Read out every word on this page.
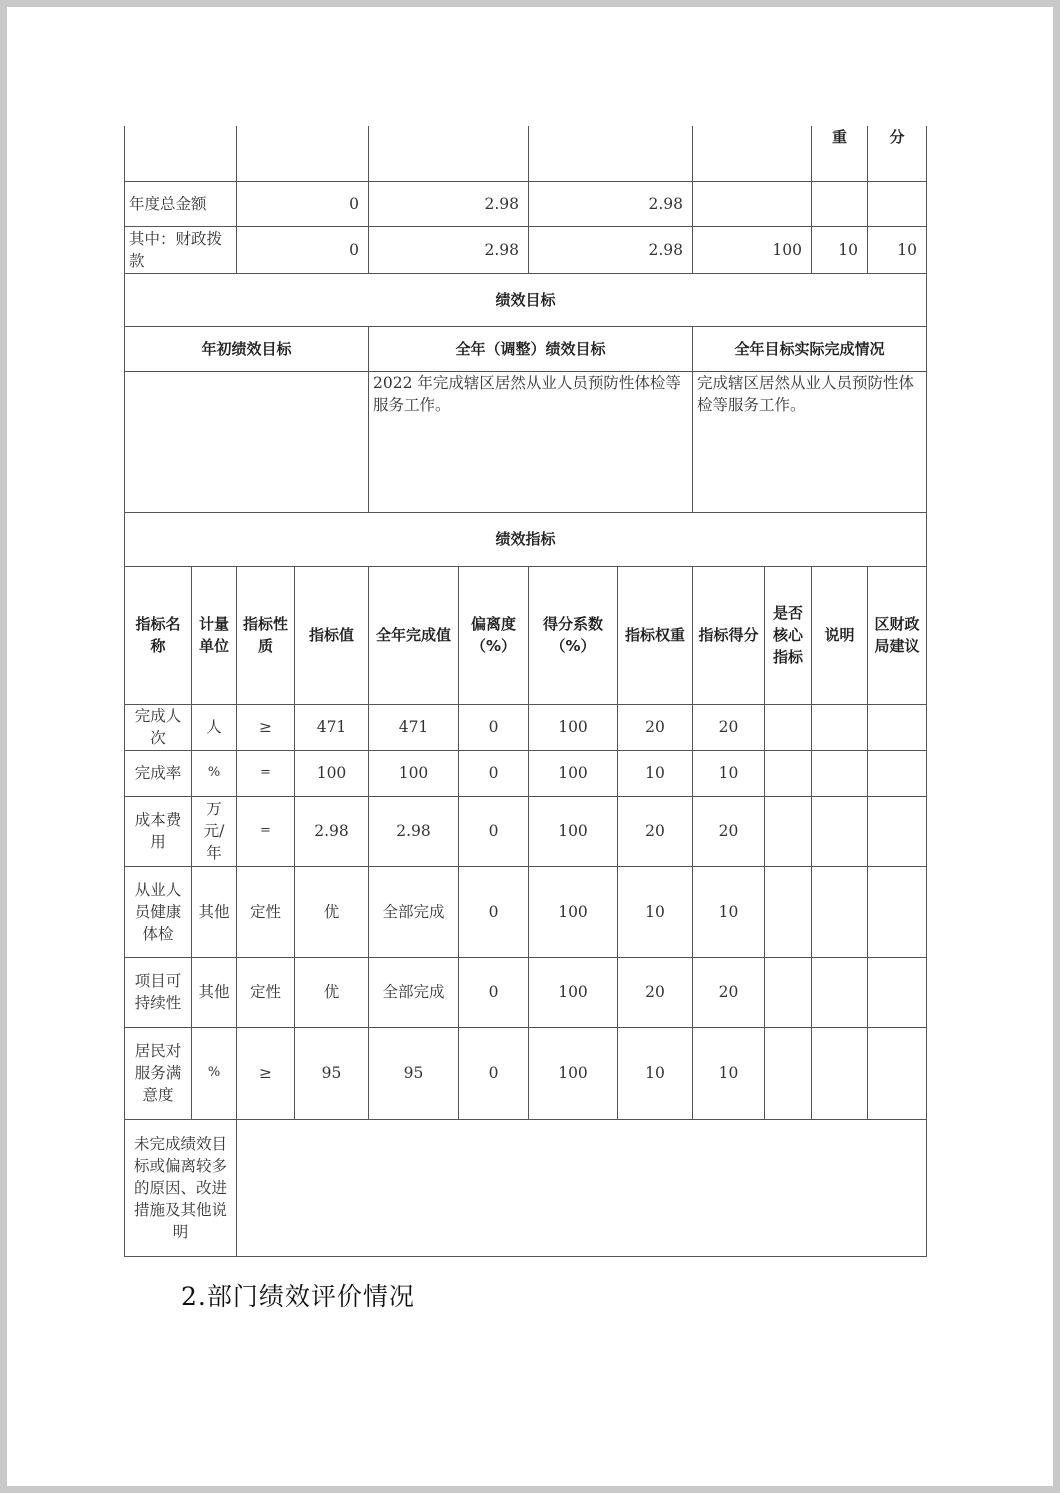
										重	分
年度总金额		0		2.98		2.98					
其中：财政拨款		0		2.98		2.98		100		10	10
绩效目标											
年初绩效目标				全年（调整）绩效目标				全年目标实际完成情况			
				2022 年完成辖区居然从业人员预防性体检等服务工作。				完成辖区居然从业人员预防性体检等服务工作。			
绩效指标											
指标名称	计量单位	指标性质	指标值	全年完成值	偏离度（%）	得分系数（%）	指标权重	指标得分	是否核心指标	说明	区财政局建议
完成人次	人	≥	471	471	0	100	20	20			
完成率	%	=	100	100	0	100	10	10			
成本费用	万元/年	=	2.98	2.98	0	100	20	20			
从业人员健康体检	其他	定性	优	全部完成	0	100	10	10			
项目可持续性	其他	定性	优	全部完成	0	100	20	20			
居民对服务满意度	%	≥	95	95	0	100	10	10			
未完成绩效目标或偏离较多的原因、改进措施及其他说明											
2.部门绩效评价情况
